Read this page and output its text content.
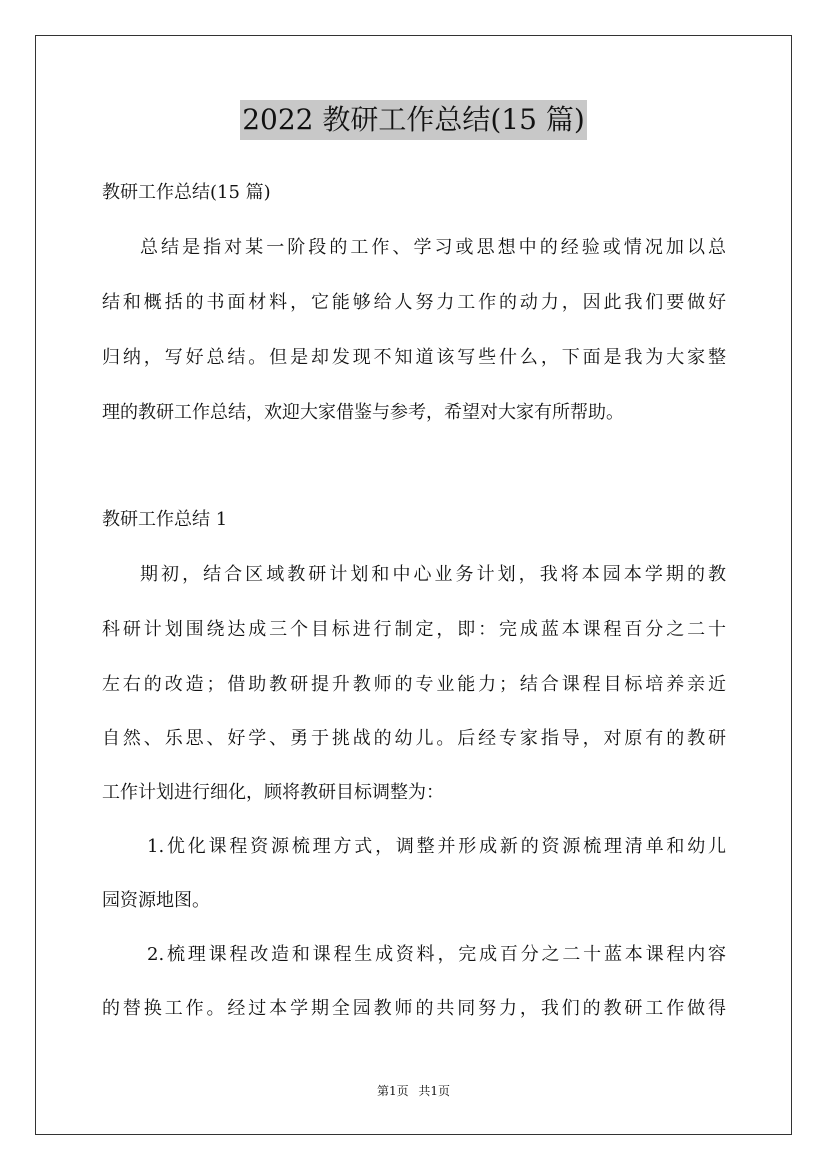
2022 教研工作总结(15 篇)
教研工作总结(15 篇)
总结是指对某一阶段的工作、学习或思想中的经验或情况加以总
结和概括的书面材料，它能够给人努力工作的动力，因此我们要做好
归纳，写好总结。但是却发现不知道该写些什么，下面是我为大家整
理的教研工作总结，欢迎大家借鉴与参考，希望对大家有所帮助。
教研工作总结 1
期初，结合区域教研计划和中心业务计划，我将本园本学期的教
科研计划围绕达成三个目标进行制定，即：完成蓝本课程百分之二十
左右的改造；借助教研提升教师的专业能力；结合课程目标培养亲近
自然、乐思、好学、勇于挑战的幼儿。后经专家指导，对原有的教研
工作计划进行细化，顾将教研目标调整为：
1.优化课程资源梳理方式，调整并形成新的资源梳理清单和幼儿
园资源地图。
2.梳理课程改造和课程生成资料，完成百分之二十蓝本课程内容
的替换工作。经过本学期全园教师的共同努力，我们的教研工作做得
第1页 共1页
